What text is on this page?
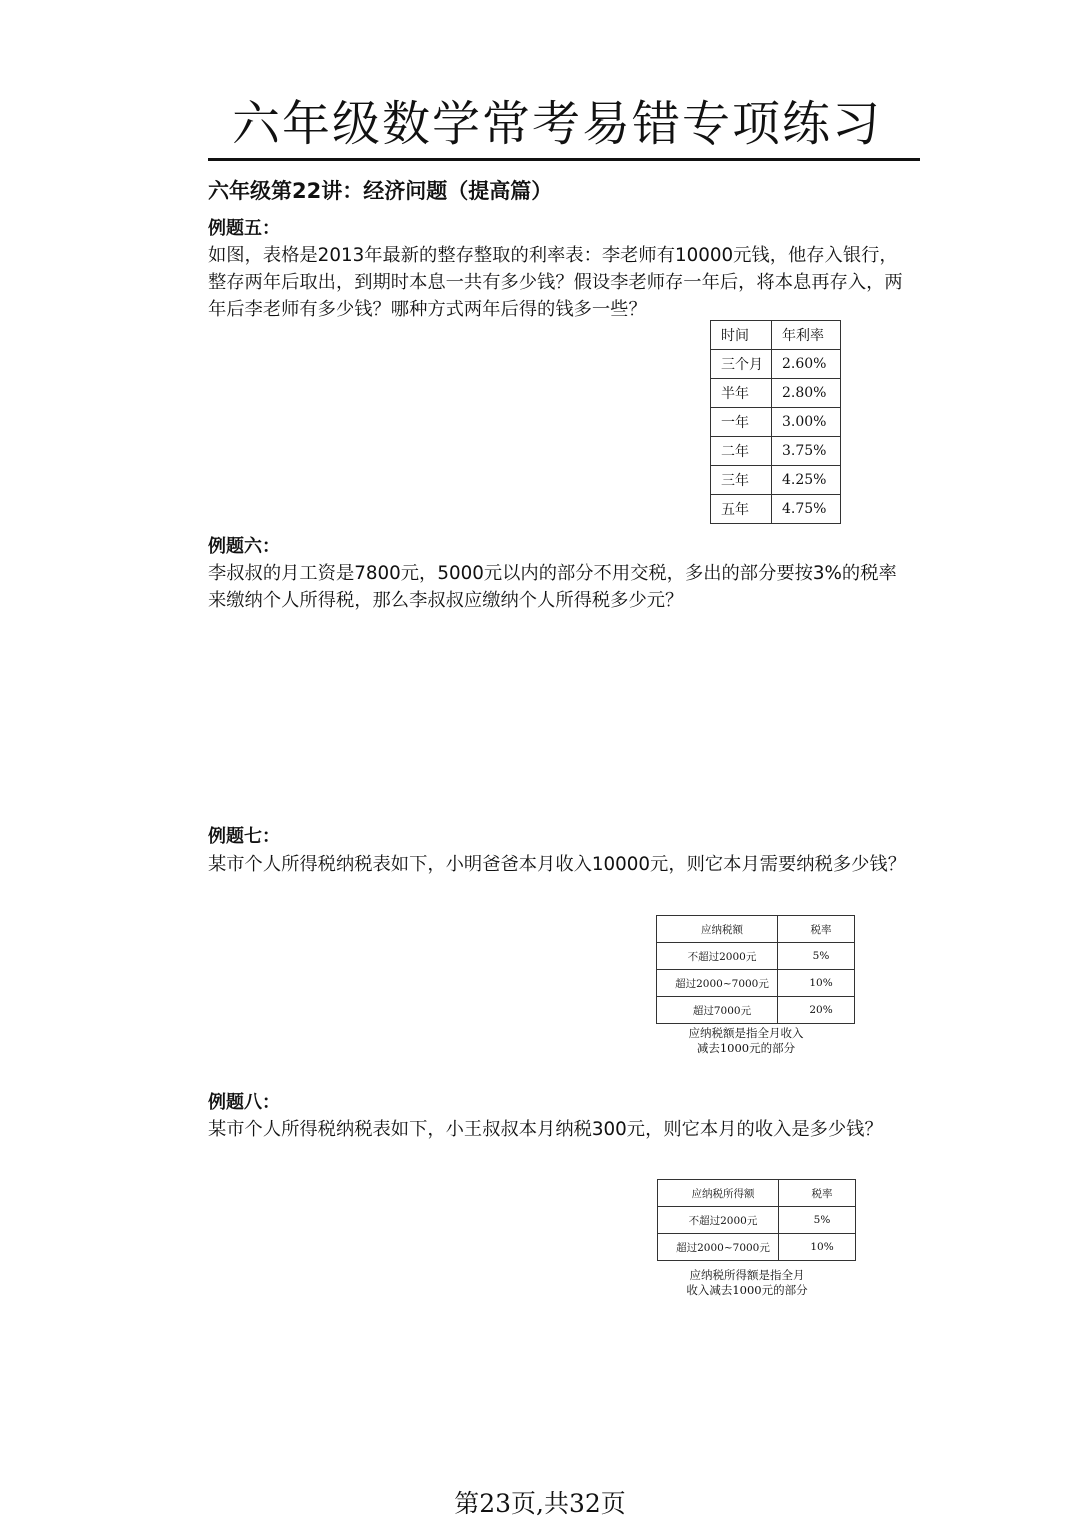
六年级数学常考易错专项练习
六年级第22讲：经济问题（提高篇）
例题五：

如图，表格是2013年最新的整存整取的利率表：李老师有10000元钱，他存入银行，

整存两年后取出，到期时本息一共有多少钱？假设李老师存一年后，将本息再存入，两

年后李老师有多少钱？哪种方式两年后得的钱多一些？

时间	年利率
三个月	2.60%
半年	2.80%
一年	3.00%
二年	3.75%
三年	4.25%
五年	4.75%
例题六：

李叔叔的月工资是7800元，5000元以内的部分不用交税，多出的部分要按3%的税率

来缴纳个人所得税，那么李叔叔应缴纳个人所得税多少元？

例题七：

某市个人所得税纳税表如下，小明爸爸本月收入10000元，则它本月需要纳税多少钱？

应纳税额	税率
不超过2000元	5%
超过2000~7000元	10%
超过7000元	20%
应纳税额是指全月收入
减去1000元的部分
例题八：

某市个人所得税纳税表如下，小王叔叔本月纳税300元，则它本月的收入是多少钱？

应纳税所得额	税率
不超过2000元	5%
超过2000~7000元	10%
应纳税所得额是指全月
收入减去1000元的部分
第23页,共32页
